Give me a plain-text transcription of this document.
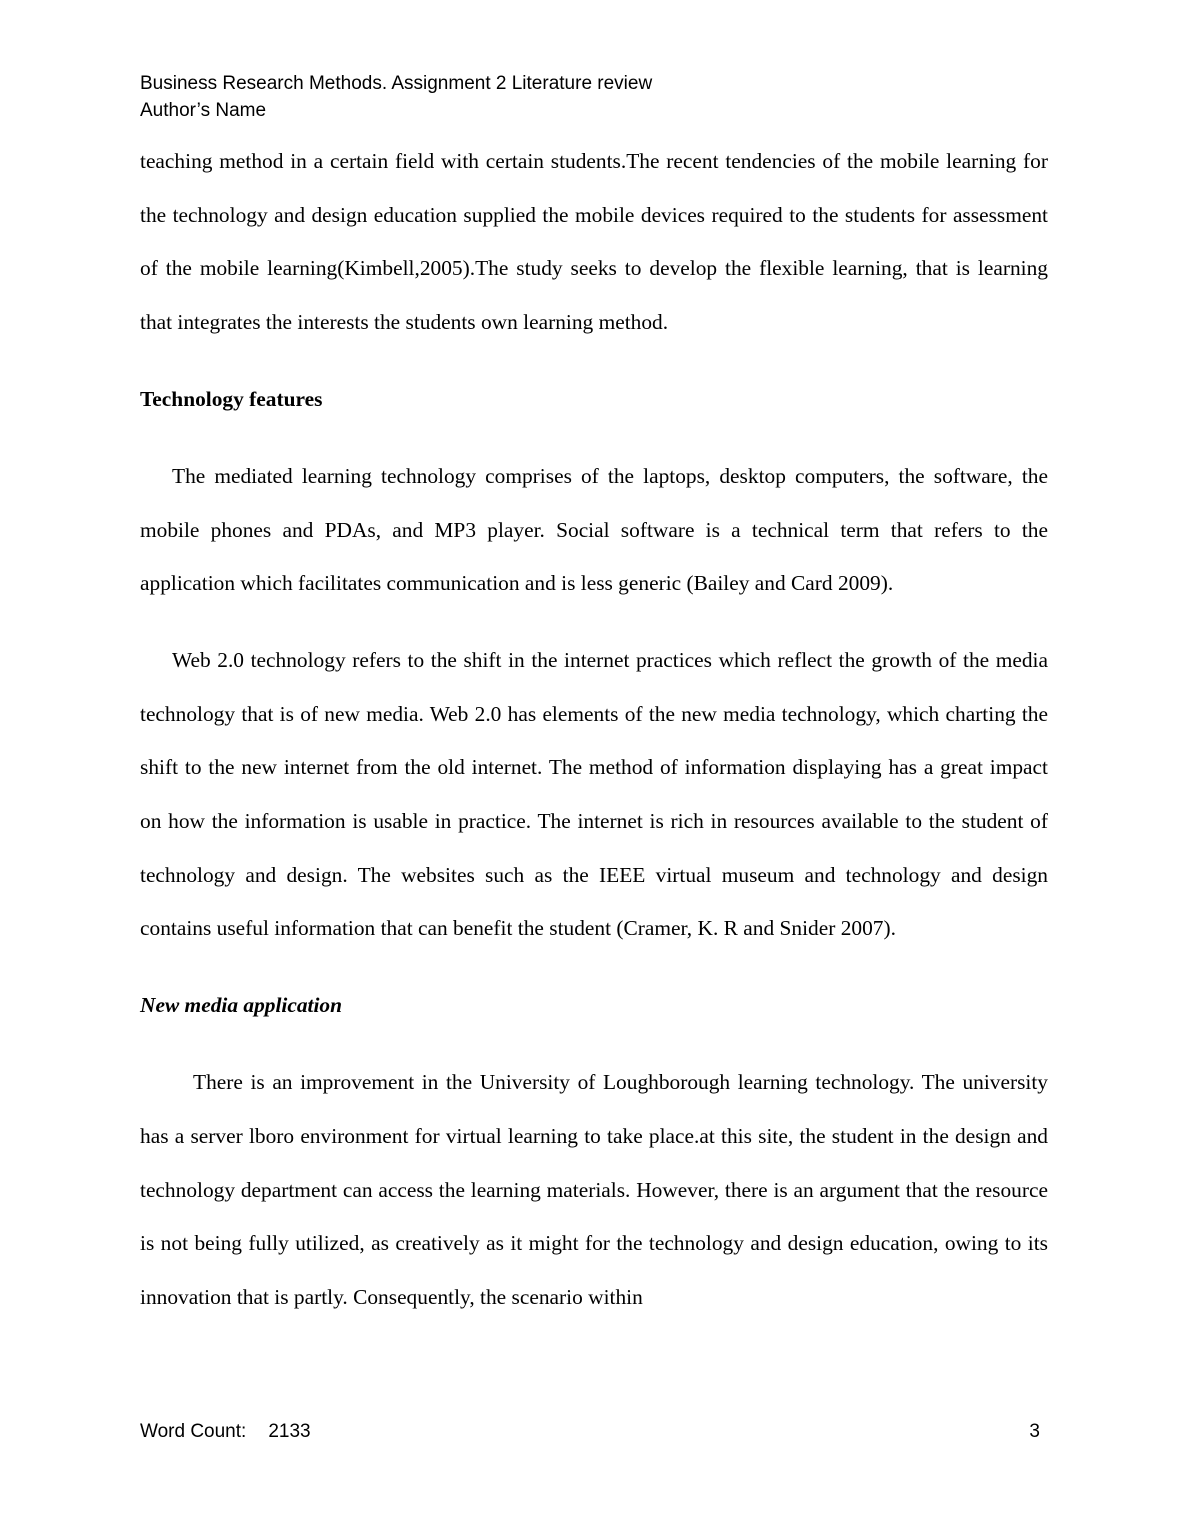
Business Research Methods. Assignment 2 Literature review
Author’s Name

teaching method in a certain field with certain students.The recent tendencies of the mobile learning for the technology and design education supplied the mobile devices required to the students for assessment of the mobile learning(Kimbell,2005).The study seeks to develop the flexible learning, that is learning that integrates the interests the students own learning method.

Technology features

The mediated learning technology comprises of the laptops, desktop computers, the software, the mobile phones and PDAs, and MP3 player. Social software is a technical term that refers to the application which facilitates communication and is less generic (Bailey and Card 2009).

Web 2.0 technology refers to the shift in the internet practices which reflect the growth of the media technology that is of new media. Web 2.0 has elements of the new media technology, which charting the shift to the new internet from the old internet. The method of information displaying has a great impact on how the information is usable in practice. The internet is rich in resources available to the student of technology and design. The websites such as the IEEE virtual museum and technology and design contains useful information that can benefit the student (Cramer, K. R and Snider 2007).

New media application

There is an improvement in the University of Loughborough learning technology. The university has a server lboro environment for virtual learning to take place.at this site, the student in the design and technology department can access the learning materials. However, there is an argument that the resource is not being fully utilized, as creatively as it might for the technology and design education, owing to its innovation that is partly. Consequently, the scenario within

Word Count: 2133	3
